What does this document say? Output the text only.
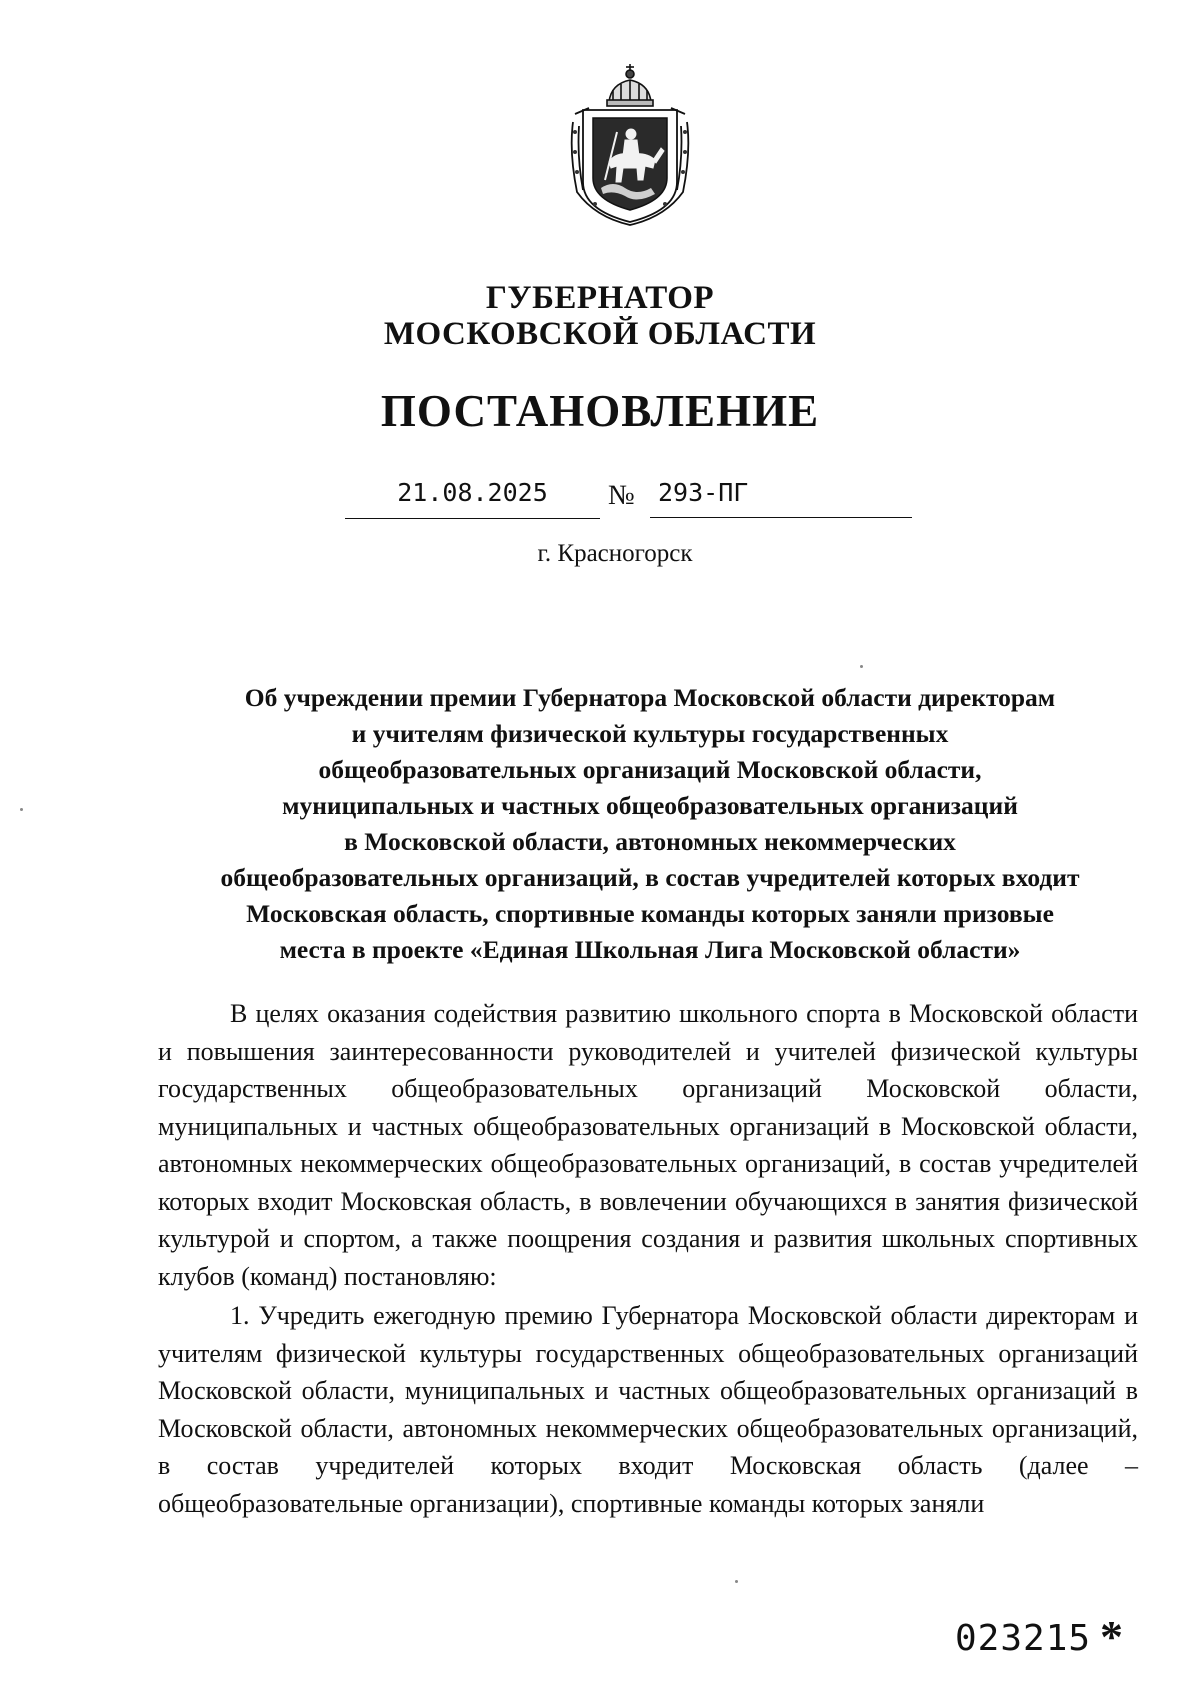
ГУБЕРНАТОР
МОСКОВСКОЙ ОБЛАСТИ
ПОСТАНОВЛЕНИЕ
21.08.2025	№ 293-ПГ
г. Красногорск
Об учреждении премии Губернатора Московской области директорам
и учителям физической культуры государственных
общеобразовательных организаций Московской области,
муниципальных и частных общеобразовательных организаций
в Московской области, автономных некоммерческих
общеобразовательных организаций, в состав учредителей которых входит
Московская область, спортивные команды которых заняли призовые
места в проекте «Единая Школьная Лига Московской области»

В целях оказания содействия развитию школьного спорта в Московской области и повышения заинтересованности руководителей и учителей физической культуры государственных общеобразовательных организаций Московской области, муниципальных и частных общеобразовательных организаций в Московской области, автономных некоммерческих общеобразовательных организаций, в состав учредителей которых входит Московская область, в вовлечении обучающихся в занятия физической культурой и спортом, а также поощрения создания и развития школьных спортивных клубов (команд) постановляю:

1. Учредить ежегодную премию Губернатора Московской области директорам и учителям физической культуры государственных общеобразовательных организаций Московской области, муниципальных и частных общеобразовательных организаций в Московской области, автономных некоммерческих общеобразовательных организаций, в состав учредителей которых входит Московская область (далее – общеобразовательные организации), спортивные команды которых заняли

023215 *
